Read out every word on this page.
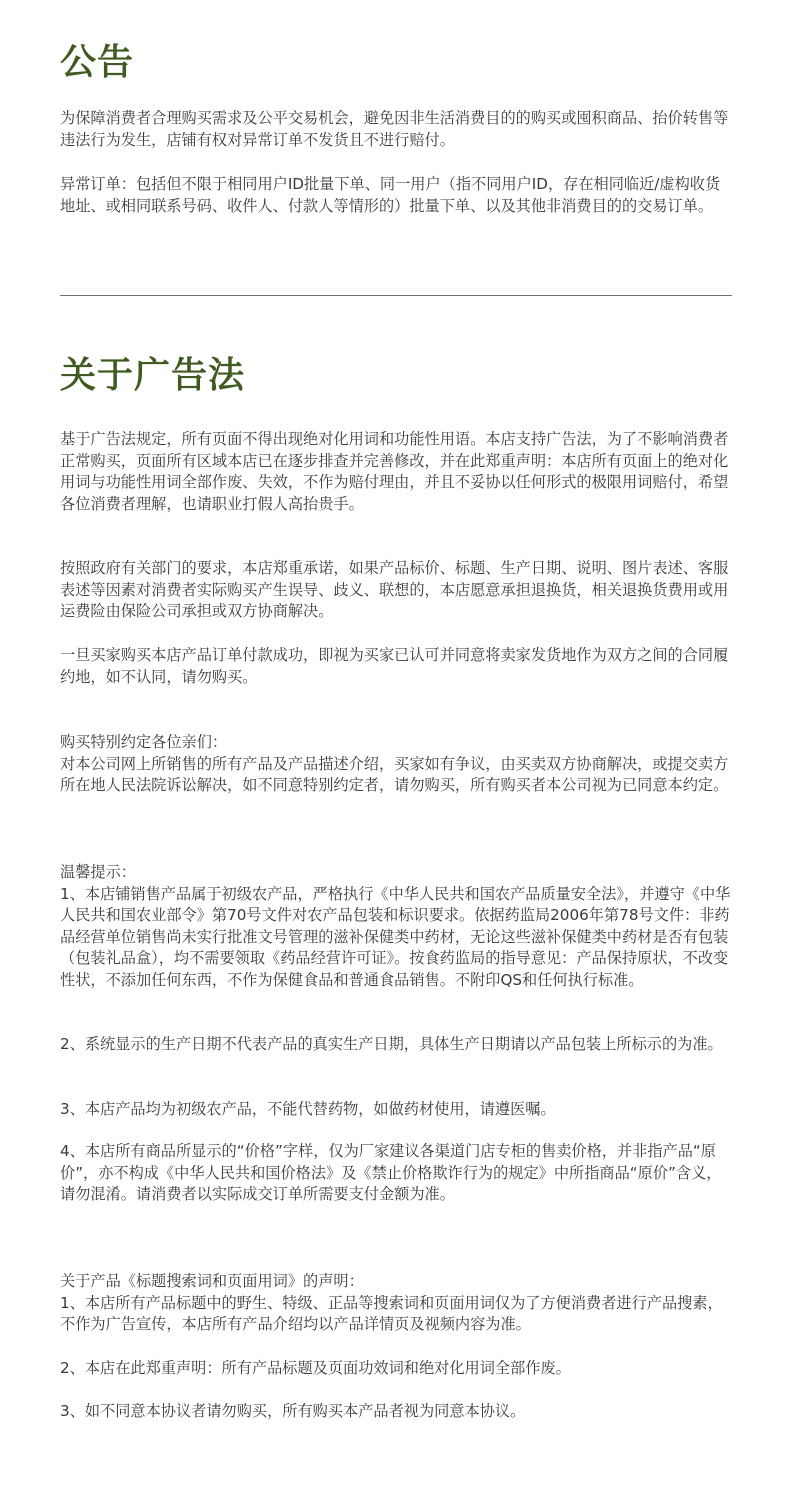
公告

为保障消费者合理购买需求及公平交易机会，避免因非生活消费目的的购买或囤积商品、抬价转售等违法行为发生，店铺有权对异常订单不发货且不进行赔付。

异常订单：包括但不限于相同用户ID批量下单、同一用户（指不同用户ID，存在相同临近/虚构收货地址、或相同联系号码、收件人、付款人等情形的）批量下单、以及其他非消费目的的交易订单。

关于广告法

基于广告法规定，所有页面不得出现绝对化用词和功能性用语。本店支持广告法，为了不影响消费者正常购买，页面所有区域本店已在逐步排查并完善修改，并在此郑重声明：本店所有页面上的绝对化用词与功能性用词全部作废、失效，不作为赔付理由，并且不妥协以任何形式的极限用词赔付，希望各位消费者理解，也请职业打假人高抬贵手。

按照政府有关部门的要求，本店郑重承诺，如果产品标价、标题、生产日期、说明、图片表述、客服表述等因素对消费者实际购买产生误导、歧义、联想的，本店愿意承担退换货，相关退换货费用或用运费险由保险公司承担或双方协商解决。

一旦买家购买本店产品订单付款成功，即视为买家已认可并同意将卖家发货地作为双方之间的合同履约地，如不认同，请勿购买。

购买特别约定各位亲们：
对本公司网上所销售的所有产品及产品描述介绍，买家如有争议，由买卖双方协商解决，或提交卖方所在地人民法院诉讼解决，如不同意特别约定者，请勿购买，所有购买者本公司视为已同意本约定。

温馨提示：
1、本店铺销售产品属于初级农产品，严格执行《中华人民共和国农产品质量安全法》，并遵守《中华人民共和国农业部令》第70号文件对农产品包装和标识要求。依据药监局2006年第78号文件：非药品经营单位销售尚未实行批准文号管理的滋补保健类中药材，无论这些滋补保健类中药材是否有包装（包装礼品盒），均不需要领取《药品经营许可证》。按食药监局的指导意见：产品保持原状，不改变性状，不添加任何东西，不作为保健食品和普通食品销售。不附印QS和任何执行标准。

2、系统显示的生产日期不代表产品的真实生产日期，具体生产日期请以产品包装上所标示的为准。

3、本店产品均为初级农产品，不能代替药物，如做药材使用，请遵医嘱。

4、本店所有商品所显示的“价格”字样，仅为厂家建议各渠道门店专柜的售卖价格，并非指产品“原价”，亦不构成《中华人民共和国价格法》及《禁止价格欺诈行为的规定》中所指商品“原价”含义，请勿混淆。请消费者以实际成交订单所需要支付金额为准。

关于产品《标题搜索词和页面用词》的声明：
1、本店所有产品标题中的野生、特级、正品等搜索词和页面用词仅为了方便消费者进行产品搜素，不作为广告宣传，本店所有产品介绍均以产品详情页及视频内容为准。

2、本店在此郑重声明：所有产品标题及页面功效词和绝对化用词全部作废。

3、如不同意本协议者请勿购买，所有购买本产品者视为同意本协议。
